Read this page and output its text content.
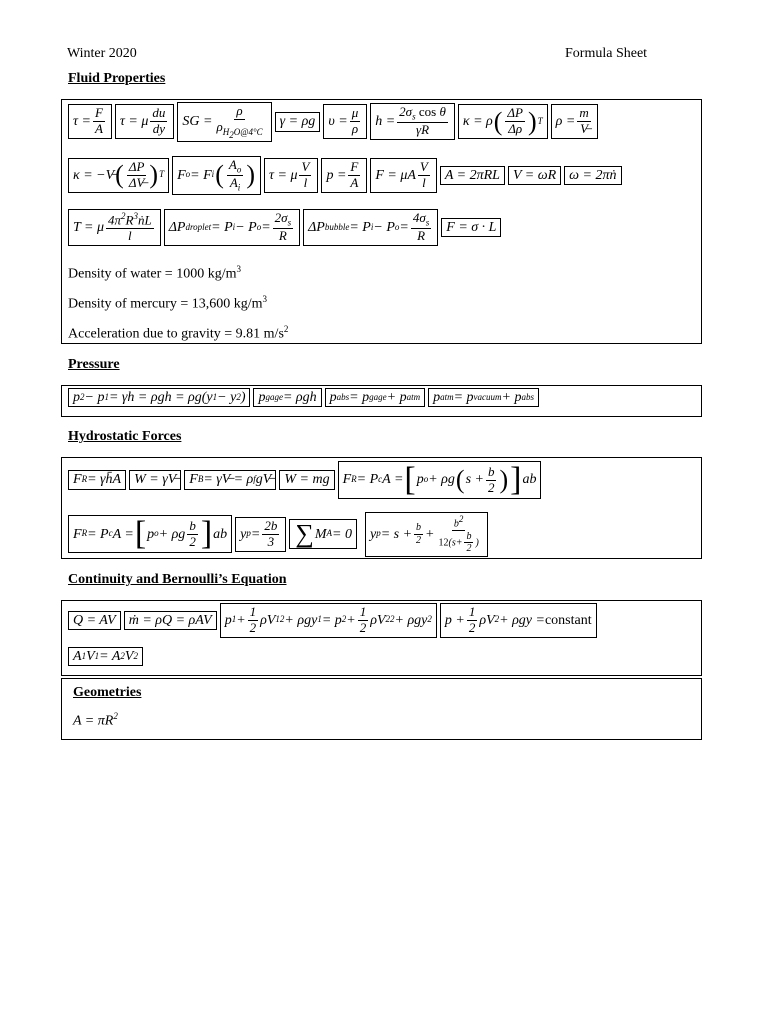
Winter 2020	Formula Sheet
Fluid Properties
$\tau = \frac{F}{A}$	τ = μ $\frac{du}{dy}$	SG = $\frac{\rho}{\rho_{H_2O@4^\circ C}}$	γ = ρg $\upsilon = \frac{\mu}{\rho}$	$h = \frac{2\sigma_s \cos \theta}{\gamma R}$	κ = ρ ( $\frac{\Delta P}{\Delta\rho}$ ) T $\rho = \frac{m}{V̶}$
κ = −V̶ ( $\frac{\Delta P}{\Delta V̶}$ ) T F o = F i ( $\frac{A_o}{A_i}$ )	τ = μ $\frac{V}{l}$	$p = \frac{F}{A}$	F = μA $\frac{V}{l}$	A = 2πRL V = ωR ω = 2πṅ
T = μ $\frac{4\pi^2R^3ṅL}{l}$	ΔP droplet = P i − P $o = \frac{2\sigma_s}{R}$	ΔP bubble = P i − P $o = \frac{4\sigma_s}{R}$	F = σ · L
Density of water = 1000 $kg/m^3$
Density of mercury = 13,600 $kg/m^3$
Acceleration due to gravity = 9.81 $m/s^2$
Pressure
p 2 − p 1 = γh = ρgh = ρg(y 1 − y 2 ) p gage = ρgh p abs = p gage + p atm p atm = p vacuum + p abs
Hydrostatic Forces
F R = γh̄A W = γV̶ F B = γV̶ = ρ f gV̶ W = mg F R = P c A = [ p o + ρg ( $s + \frac{b}{2}$ ) ] ab
F R = P c A = [ p o + ρg $\frac{b}{2}$ ] ab y $p = \frac{2b}{3}$ ∑ M A = 0	y $p = s + \frac{b}{2} + \frac{b^2}{12(s+ \frac{b}{2} )}$
Continuity and Bernoulli’s Equation
Q = AV ṁ = ρQ = ρAV p $1 + \frac{1}{2}$ ρV 1 2 + ρgy 1 = p $2 + \frac{1}{2}$ ρV 2 2 + ρgy 2 $p + \frac{1}{2}$ ρV 2 + ρgy = constant
A 1 V 1 = A 2 V 2
Geometries
$A = \pi R^2$
